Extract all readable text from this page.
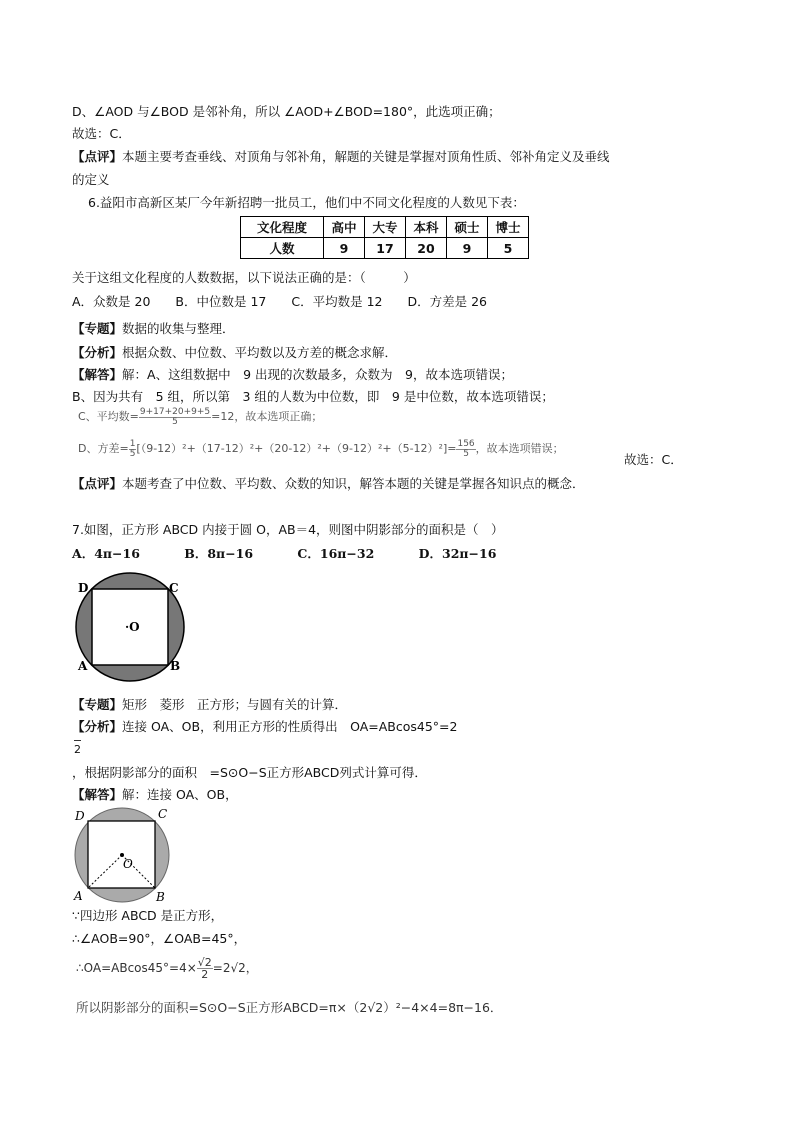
D、∠AOD 与∠BOD 是邻补角，所以 ∠AOD+∠BOD=180°，此选项正确；
故选：C．
【点评】本题主要考查垂线、对顶角与邻补角，解题的关键是掌握对顶角性质、邻补角定义及垂线
的定义
6.益阳市高新区某厂今年新招聘一批员工，他们中不同文化程度的人数见下表：
文化程度	高中	大专	本科	硕士	博士
人数	9	17	20	9	5
关于这组文化程度的人数数据，以下说法正确的是：（　　　）
A．众数是 20　　B．中位数是 17　　C．平均数是 12　　D．方差是 26
【专题】数据的收集与整理．
【分析】根据众数、中位数、平均数以及方差的概念求解．
【解答】解：A、这组数据中　9 出现的次数最多，众数为　9，故本选项错误；
B、因为共有　5 组，所以第　3 组的人数为中位数，即　9 是中位数，故本选项错误；
C、平均数= $\frac{9+17+20+9+5}{5} =12$，故本选项正确；
D、方差= $\frac{1}{5} [(9-12)^2+(17-12)^2+(20-12)^2+(9-12)^2+(5-12)^2]= \frac{156}{5}$ ，故本选项错误；
故选：C．
【点评】本题考查了中位数、平均数、众数的知识，解答本题的关键是掌握各知识点的概念．
7.如图，正方形 ABCD 内接于圆 O，AB＝4，则图中阴影部分的面积是（　）
A．4π−16	B．8π−16	C．16π−32	D．32π−16
D	C
·O
A	B
【专题】矩形　菱形　正方形；与圆有关的计算．
【分析】连接 OA、OB，利用正方形的性质得出　OA=ABcos45°=2
2
，根据阴影部分的面积　=S⊙O−S正方形ABCD列式计算可得．
【解答】解：连接 OA、OB，
D	C
O
A	B
∵四边形 ABCD 是正方形，
∴∠AOB=90°，∠OAB=45°，
∴OA=ABcos45°=4× $\frac{√2}{2} =2√2$，
所以阴影部分的面积=S⊙O−S正方形ABCD=π×（2√2）²−4×4=8π−16．
